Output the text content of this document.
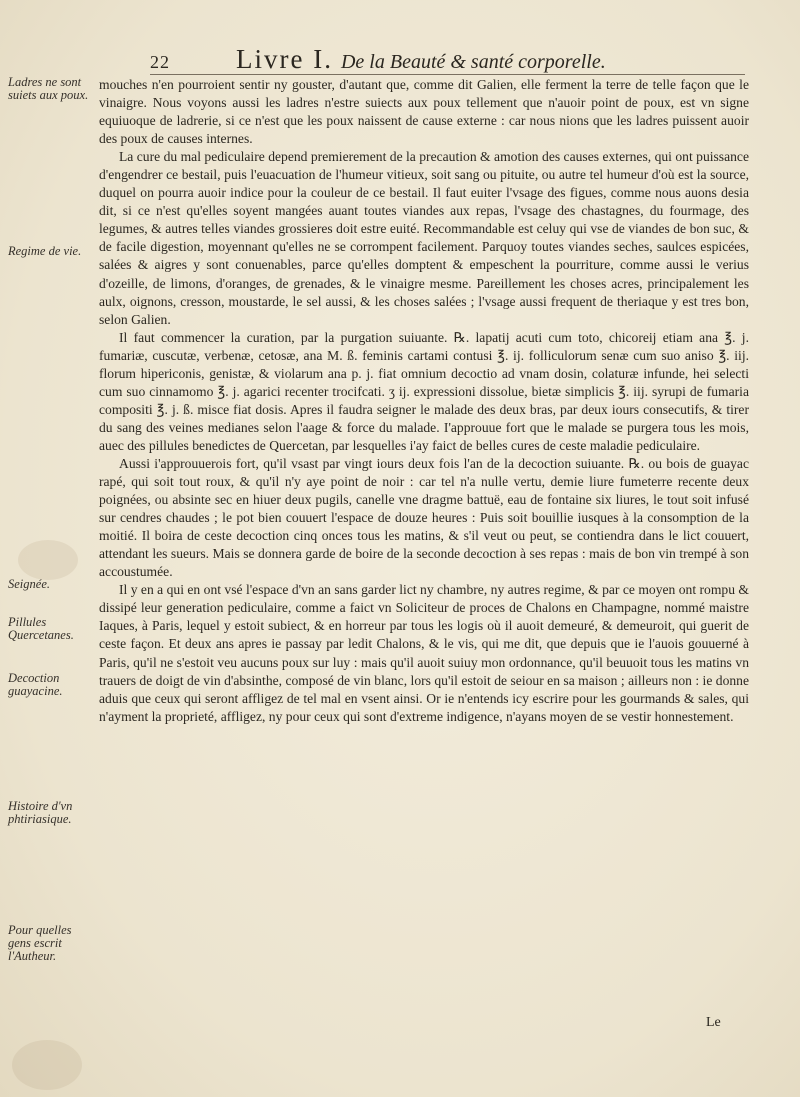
22	Livre I. De la Beauté & santé corporelle.
Ladres ne sont suiets aux poux.
Regime de vie.
Seignée.
Pillules Quercetanes.
Decoction guayacine.
Histoire d'vn phtiriasique.
Pour quelles gens escrit l'Autheur.

mouches n'en pourroient sentir ny gouster, d'autant que, comme dit Galien, elle ferment la terre de telle façon que le vinaigre. Nous voyons aussi les ladres n'estre suiects aux poux tellement que n'auoir point de poux, est vn signe equiuoque de ladrerie, si ce n'est que les poux naissent de cause externe : car nous nions que les ladres puissent auoir des poux de causes internes.

La cure du mal pediculaire depend premierement de la precaution & amotion des causes externes, qui ont puissance d'engendrer ce bestail, puis l'euacuation de l'humeur vitieux, soit sang ou pituite, ou autre tel humeur d'où est la source, duquel on pourra auoir indice pour la couleur de ce bestail. Il faut euiter l'vsage des figues, comme nous auons desia dit, si ce n'est qu'elles soyent mangées auant toutes viandes aux repas, l'vsage des chastagnes, du fourmage, des legumes, & autres telles viandes grossieres doit estre euité. Recommandable est celuy qui vse de viandes de bon suc, & de facile digestion, moyennant qu'elles ne se corrompent facilement. Parquoy toutes viandes seches, saulces espicées, salées & aigres y sont conuenables, parce qu'elles domptent & empeschent la pourriture, comme aussi le verius d'ozeille, de limons, d'oranges, de grenades, & le vinaigre mesme. Pareillement les choses acres, principalement les aulx, oignons, cresson, moustarde, le sel aussi, & les choses salées ; l'vsage aussi frequent de theriaque y est tres bon, selon Galien.

Il faut commencer la curation, par la purgation suiuante. ℞. lapatij acuti cum toto, chicoreij etiam ana ℥. j. fumariæ, cuscutæ, verbenæ, cetosæ, ana M. ß. feminis cartami contusi ℥. ij. folliculorum senæ cum suo aniso ℥. iij. florum hipericonis, genistæ, & violarum ana p. j. fiat omnium decoctio ad vnam dosin, colaturæ infunde, hei selecti cum suo cinnamomo ℥. j. agarici recenter trocifcati. ʒ ij. expressioni dissolue, bietæ simplicis ℥. iij. syrupi de fumaria compositi ℥. j. ß. misce fiat dosis. Apres il faudra seigner le malade des deux bras, par deux iours consecutifs, & tirer du sang des veines medianes selon l'aage & force du malade. I'approuue fort que le malade se purgera tous les mois, auec des pillules benedictes de Quercetan, par lesquelles i'ay faict de belles cures de ceste maladie pediculaire.

Aussi i'approuuerois fort, qu'il vsast par vingt iours deux fois l'an de la decoction suiuante. ℞. ou bois de guayac rapé, qui soit tout roux, & qu'il n'y aye point de noir : car tel n'a nulle vertu, demie liure fumeterre recente deux poignées, ou absinte sec en hiuer deux pugils, canelle vne dragme battuë, eau de fontaine six liures, le tout soit infusé sur cendres chaudes ; le pot bien couuert l'espace de douze heures : Puis soit bouillie iusques à la consomption de la moitié. Il boira de ceste decoction cinq onces tous les matins, & s'il veut ou peut, se contiendra dans le lict couuert, attendant les sueurs. Mais se donnera garde de boire de la seconde decoction à ses repas : mais de bon vin trempé à son accoustumée.

Il y en a qui en ont vsé l'espace d'vn an sans garder lict ny chambre, ny autres regime, & par ce moyen ont rompu & dissipé leur generation pediculaire, comme a faict vn Soliciteur de proces de Chalons en Champagne, nommé maistre Iaques, à Paris, lequel y estoit subiect, & en horreur par tous les logis où il auoit demeuré, & demeuroit, qui guerit de ceste façon. Et deux ans apres ie passay par ledit Chalons, & le vis, qui me dit, que depuis que ie l'auois gouuerné à Paris, qu'il ne s'estoit veu aucuns poux sur luy : mais qu'il auoit suiuy mon ordonnance, qu'il beuuoit tous les matins vn trauers de doigt de vin d'absinthe, composé de vin blanc, lors qu'il estoit de seiour en sa maison ; ailleurs non : ie donne aduis que ceux qui seront affligez de tel mal en vsent ainsi. Or ie n'entends icy escrire pour les gourmands & sales, qui n'ayment la proprieté, affligez, ny pour ceux qui sont d'extreme indigence, n'ayans moyen de se vestir honnestement.

Le
